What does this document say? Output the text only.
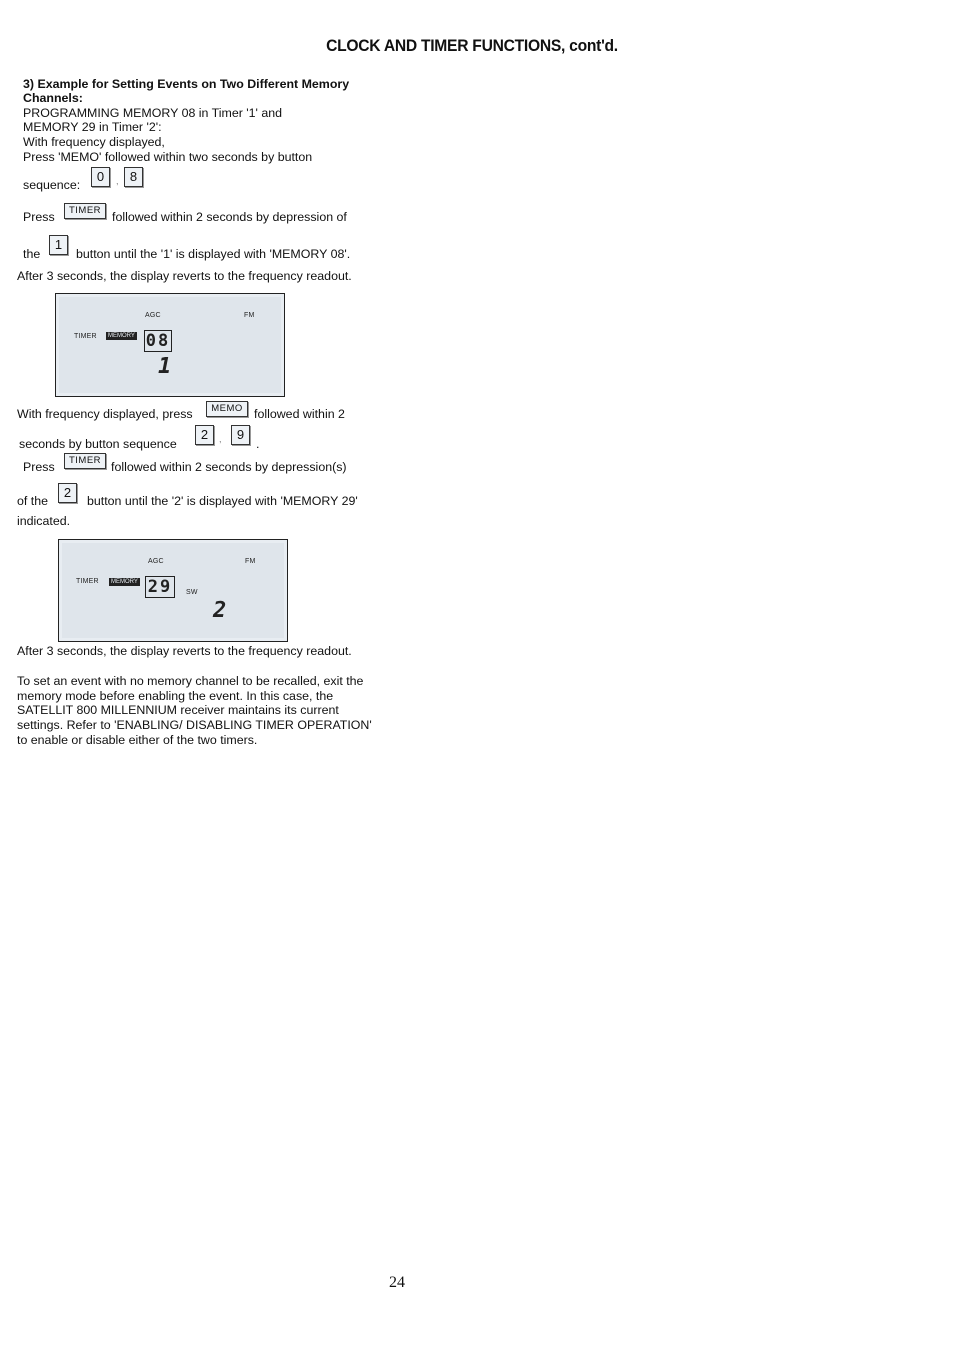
CLOCK AND TIMER FUNCTIONS, cont'd.
3) Example for Setting Events on Two Different Memory
Channels:
PROGRAMMING MEMORY 08 in Timer '1' and
MEMORY 29 in Timer '2':
With frequency displayed,
Press 'MEMO' followed within two seconds by button
sequence:
0	, 8
Press	TIMER followed within 2 seconds by depression of
the
1
button until the '1' is displayed with 'MEMORY 08'.
After 3 seconds, the display reverts to the frequency readout.
AGC	FM
TIMER	MEMORY 08
1
With frequency displayed, press	MEMO followed within 2
seconds by button sequence
2	,	9
.
Press	TIMER followed within 2 seconds by depression(s)
of the
2
button until the '2' is displayed with 'MEMORY 29'
indicated.
AGC	FM
TIMER	MEMORY 29	SW
2
After 3 seconds, the display reverts to the frequency readout.
To set an event with no memory channel to be recalled, exit the
memory mode before enabling the event. In this case, the
SATELLIT 800 MILLENNIUM receiver maintains its current
settings. Refer to 'ENABLING/ DISABLING TIMER OPERATION'
to enable or disable either of the two timers.
24
